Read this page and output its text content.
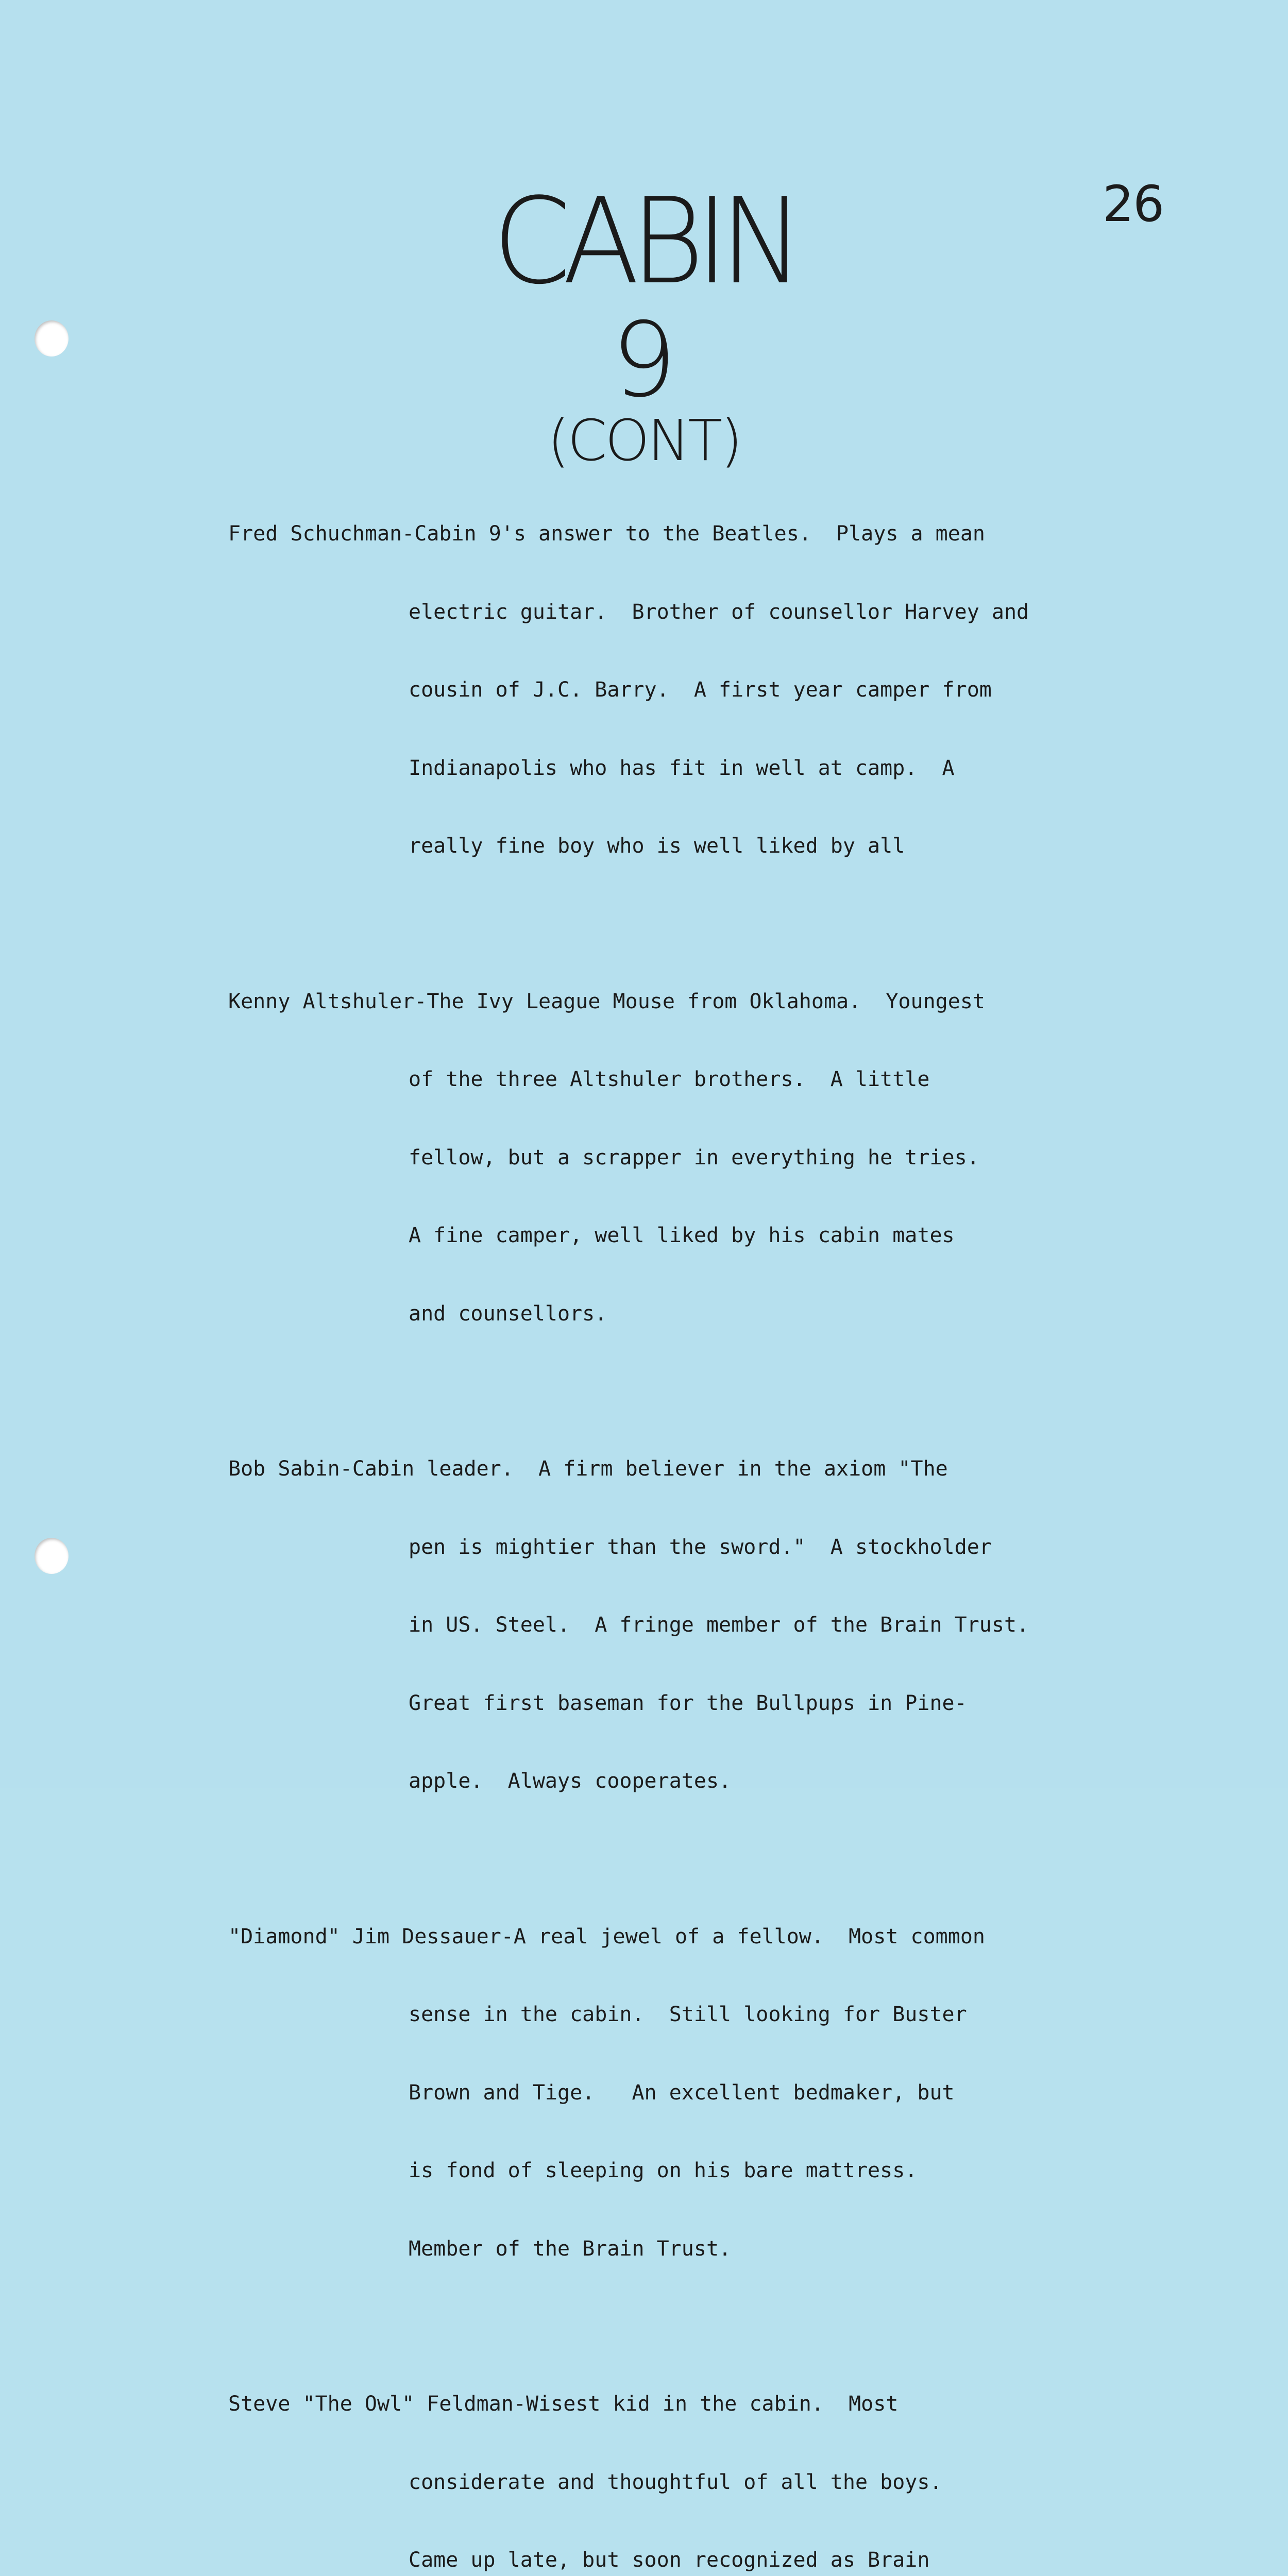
26
CABIN
9
(CONT)

Fred Schuchman-Cabin 9's answer to the Beatles.  Plays a mean

electric guitar.  Brother of counsellor Harvey and

cousin of J.C. Barry.  A first year camper from

Indianapolis who has fit in well at camp.  A

really fine boy who is well liked by all

Kenny Altshuler-The Ivy League Mouse from Oklahoma.  Youngest

of the three Altshuler brothers.  A little

fellow, but a scrapper in everything he tries.

A fine camper, well liked by his cabin mates

and counsellors.

Bob Sabin-Cabin leader.  A firm believer in the axiom "The

pen is mightier than the sword."  A stockholder

in US. Steel.  A fringe member of the Brain Trust.

Great first baseman for the Bullpups in Pine-

apple.  Always cooperates.

"Diamond" Jim Dessauer-A real jewel of a fellow.  Most common

sense in the cabin.  Still looking for Buster

Brown and Tige.   An excellent bedmaker, but

is fond of sleeping on his bare mattress.

Member of the Brain Trust.

Steve "The Owl" Feldman-Wisest kid in the cabin.  Most

considerate and thoughtful of all the boys.

Came up late, but soon recognized as Brain
